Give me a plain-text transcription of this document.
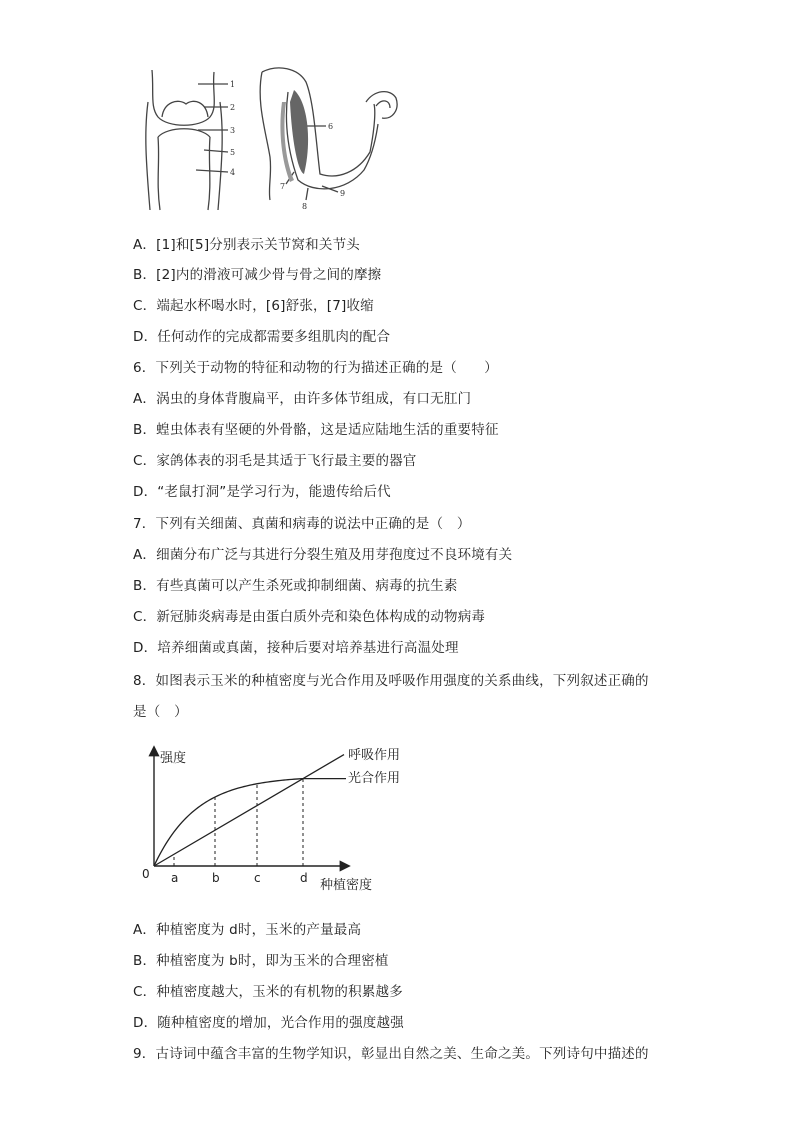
1
2
3
5
4
6
7
8
9
A．[1]和[5]分别表示关节窝和关节头
B．[2]内的滑液可减少骨与骨之间的摩擦
C．端起水杯喝水时，[6]舒张，[7]收缩
D．任何动作的完成都需要多组肌肉的配合
6．下列关于动物的特征和动物的行为描述正确的是（　　）
A．涡虫的身体背腹扁平，由许多体节组成，有口无肛门
B．蝗虫体表有坚硬的外骨骼，这是适应陆地生活的重要特征
C．家鸽体表的羽毛是其适于飞行最主要的器官
D．“老鼠打洞”是学习行为，能遗传给后代
7．下列有关细菌、真菌和病毒的说法中正确的是（　）
A．细菌分布广泛与其进行分裂生殖及用芽孢度过不良环境有关
B．有些真菌可以产生杀死或抑制细菌、病毒的抗生素
C．新冠肺炎病毒是由蛋白质外壳和染色体构成的动物病毒
D．培养细菌或真菌，接种后要对培养基进行高温处理
8．如图表示玉米的种植密度与光合作用及呼吸作用强度的关系曲线，下列叙述正确的
是（　）
强度
种植密度
0 a	b	c	d
呼吸作用
光合作用
A．种植密度为 d时，玉米的产量最高
B．种植密度为 b时，即为玉米的合理密植
C．种植密度越大，玉米的有机物的积累越多
D．随种植密度的增加，光合作用的强度越强
9．古诗词中蕴含丰富的生物学知识，彰显出自然之美、生命之美。下列诗句中描述的
